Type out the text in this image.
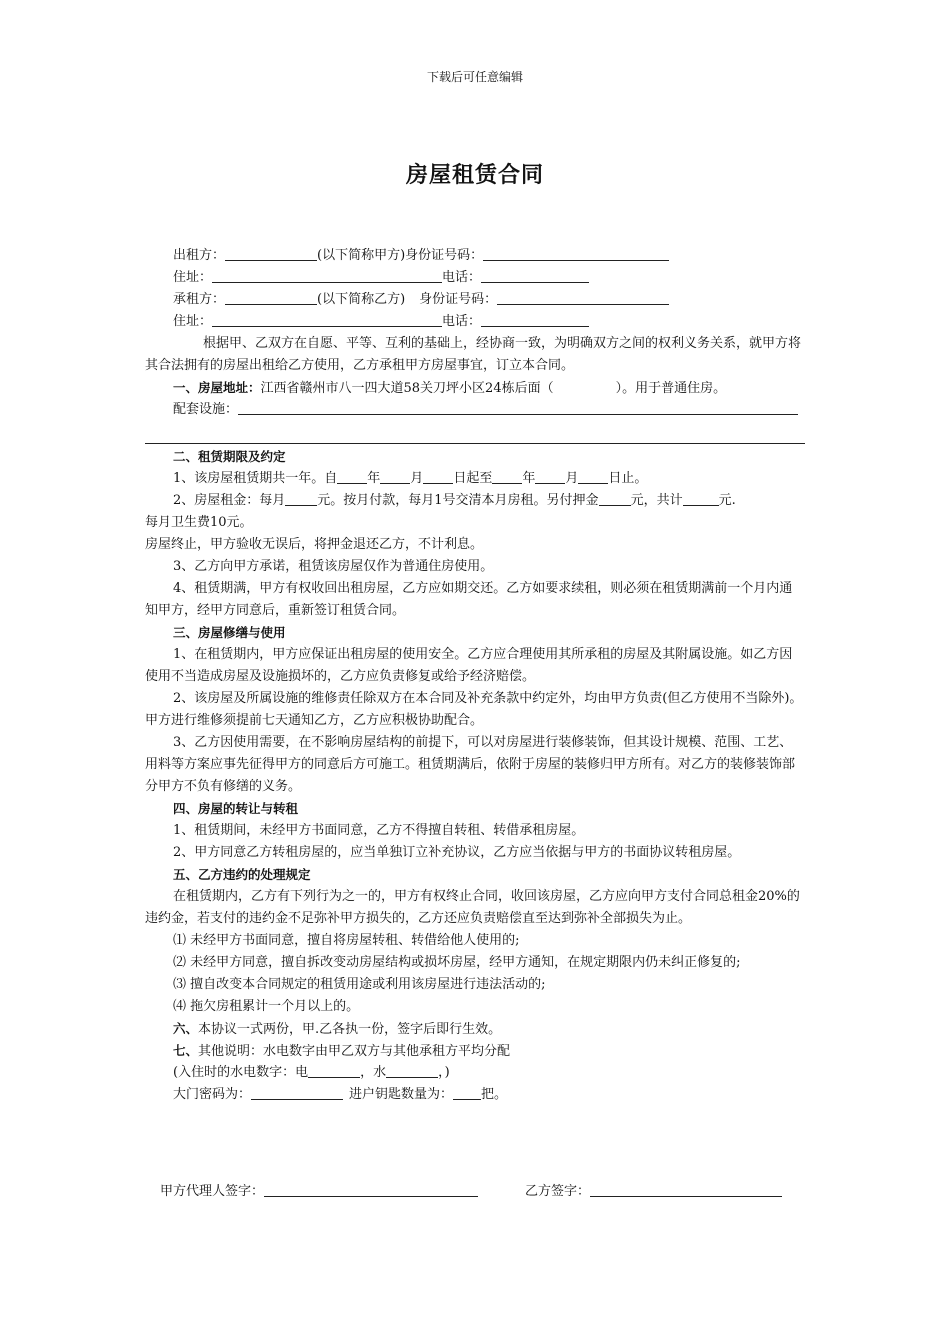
下载后可任意编辑
房屋租赁合同
出租方：	(以下简称甲方)身份证号码：
住址：	电话：
承租方：	(以下简称乙方) 身份证号码：
住址：	电话：
根据甲、乙双方在自愿、平等、互利的基础上，经协商一致，为明确双方之间的权利义务关系，就甲方将其合法拥有的房屋出租给乙方使用，乙方承租甲方房屋事宜，订立本合同。
一、房屋地址：江西省赣州市八一四大道58关刀坪小区24栋后面（	）。用于普通住房。
配套设施：
二、租赁期限及约定
1、该房屋租赁期共一年。自 年 月 日起至 年 月 日止。
2、房屋租金：每月 元。按月付款，每月1号交清本月房租。另付押金 元，共计	元.
每月卫生费10元。
房屋终止，甲方验收无误后，将押金退还乙方，不计利息。
3、乙方向甲方承诺，租赁该房屋仅作为普通住房使用。
4、租赁期满，甲方有权收回出租房屋，乙方应如期交还。乙方如要求续租，则必须在租赁期满前一个月内通知甲方，经甲方同意后，重新签订租赁合同。
三、房屋修缮与使用
1、在租赁期内，甲方应保证出租房屋的使用安全。乙方应合理使用其所承租的房屋及其附属设施。如乙方因使用不当造成房屋及设施损坏的，乙方应负责修复或给予经济赔偿。
2、该房屋及所属设施的维修责任除双方在本合同及补充条款中约定外，均由甲方负责(但乙方使用不当除外)。甲方进行维修须提前七天通知乙方，乙方应积极协助配合。
3、乙方因使用需要，在不影响房屋结构的前提下，可以对房屋进行装修装饰，但其设计规模、范围、工艺、用料等方案应事先征得甲方的同意后方可施工。租赁期满后，依附于房屋的装修归甲方所有。对乙方的装修装饰部分甲方不负有修缮的义务。
四、房屋的转让与转租
1、租赁期间，未经甲方书面同意，乙方不得擅自转租、转借承租房屋。
2、甲方同意乙方转租房屋的，应当单独订立补充协议，乙方应当依据与甲方的书面协议转租房屋。
五、乙方违约的处理规定
在租赁期内，乙方有下列行为之一的，甲方有权终止合同，收回该房屋，乙方应向甲方支付合同总租金20%的违约金，若支付的违约金不足弥补甲方损失的，乙方还应负责赔偿直至达到弥补全部损失为止。
⑴ 未经甲方书面同意，擅自将房屋转租、转借给他人使用的;
⑵ 未经甲方同意，擅自拆改变动房屋结构或损坏房屋，经甲方通知，在规定期限内仍未纠正修复的;
⑶ 擅自改变本合同规定的租赁用途或利用该房屋进行违法活动的;
⑷ 拖欠房租累计一个月以上的。
六、本协议一式两份，甲.乙各执一份，签字后即行生效。
七、其他说明：水电数字由甲乙双方与其他承租方平均分配
(入住时的水电数字：电	，水	，)
大门密码为：	进户钥匙数量为： 把。
甲方代理人签字：	乙方签字：
